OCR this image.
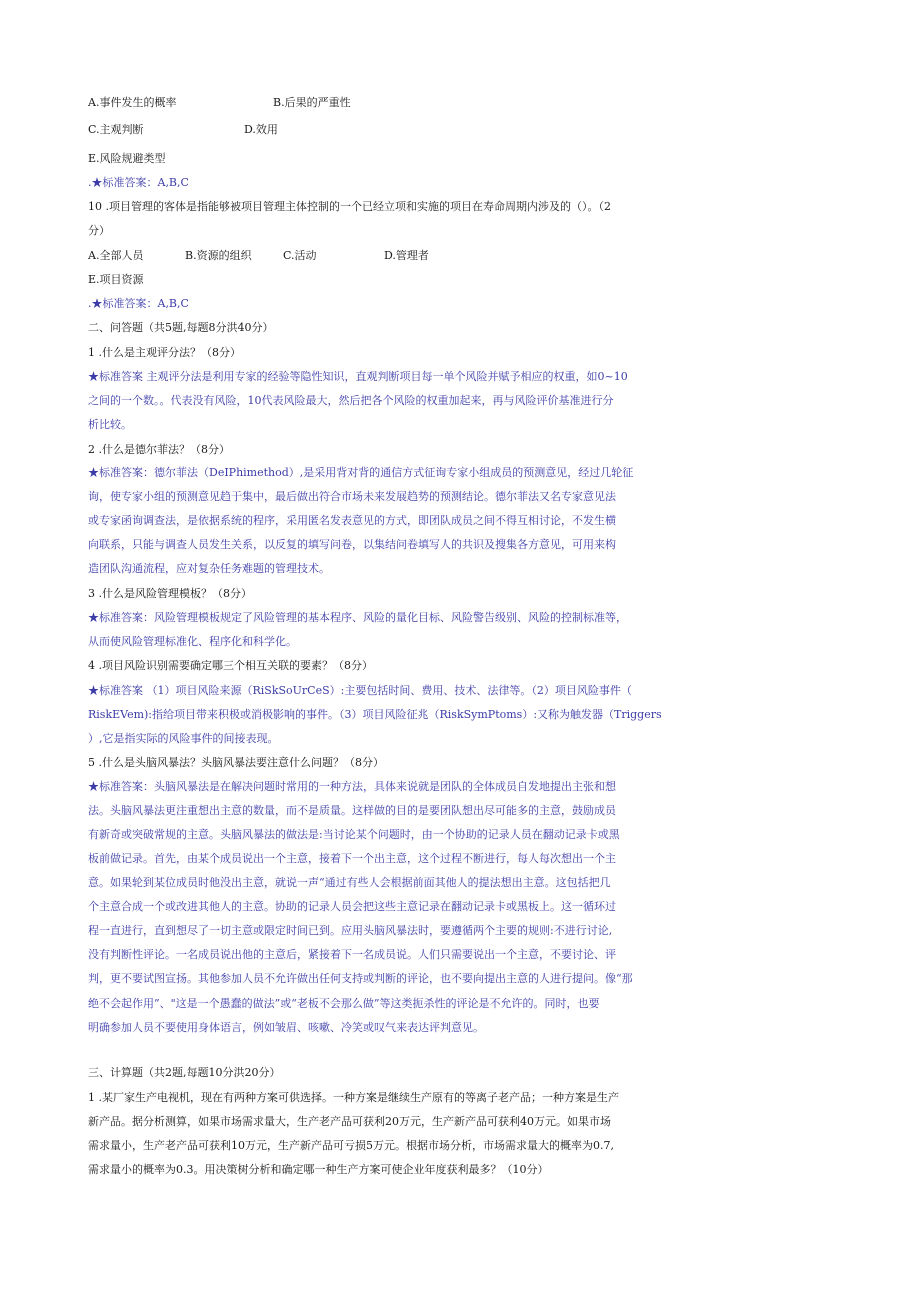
A.事件发生的概率	B.后果的严重性
C.主观判断	D.效用
E.风险规避类型
.★标准答案：A,B,C
10 .项目管理的客体是指能够被项目管理主体控制的一个已经立项和实施的项目在寿命周期内涉及的（）。（2
分）
A.全部人员	B.资源的组织	C.活动	D.管理者
E.项目资源
.★标准答案：A,B,C
二、问答题（共5题,每题8分洪40分）
1 .什么是主观评分法？（8分）
★标准答案 主观评分法是利用专家的经验等隐性知识，直观判断项目每一单个风险并赋予相应的权重，如0~10
之间的一个数。。代表没有风险，10代表风险最大，然后把各个风险的权重加起来，再与风险评价基准进行分
析比较。
2 .什么是德尔菲法？（8分）
★标准答案：德尔菲法（DeIPhimethod）,是采用背对背的通信方式征询专家小组成员的预测意见，经过几轮征
询，使专家小组的预测意见趋于集中，最后做出符合市场未来发展趋势的预测结论。德尔菲法又名专家意见法
或专家函询调查法，是依据系统的程序，采用匿名发表意见的方式，即团队成员之间不得互相讨论，不发生横
向联系，只能与调查人员发生关系，以反复的填写问卷，以集结问卷填写人的共识及搜集各方意见，可用来构
造团队沟通流程，应对复杂任务难题的管理技术。
3 .什么是风险管理模板？（8分）
★标准答案：风险管理模板规定了风险管理的基本程序、风险的量化目标、风险警告级别、风险的控制标准等，
从而使风险管理标准化、程序化和科学化。
4 .项目风险识别需要确定哪三个相互关联的要素？（8分）
★标准答案 （1）项目风险来源（RiSkSoUrCeS）:主要包括时间、费用、技术、法律等。（2）项目风险事件（
RiskEVem):指给项目带来积极或消极影响的事件。（3）项目风险征兆（RiskSymPtoms）:又称为触发器（Triggers
）,它是指实际的风险事件的间接表现。
5 .什么是头脑风暴法？头脑风暴法要注意什么问题？（8分）
★标准答案：头脑风暴法是在解决问题时常用的一种方法，具体来说就是团队的全体成员自发地提出主张和想
法。头脑风暴法更注重想出主意的数量，而不是质量。这样做的目的是要团队想出尽可能多的主意，鼓励成员
有新奇或突破常规的主意。头脑风暴法的做法是:当讨论某个问题时，由一个协助的记录人员在翻动记录卡或黑
板前做记录。首先，由某个成员说出一个主意，接着下一个出主意，这个过程不断进行，每人每次想出一个主
意。如果轮到某位成员时他没出主意，就说一声“通过有些人会根据前面其他人的提法想出主意。这包括把几
个主意合成一个或改进其他人的主意。协助的记录人员会把这些主意记录在翻动记录卡或黑板上。这一循环过
程一直进行，直到想尽了一切主意或限定时间已到。应用头脑风暴法时，要遵循两个主要的规则:不进行讨论,
没有判断性评论。一名成员说出他的主意后，紧接着下一名成员说。人们只需要说出一个主意，不要讨论、评
判，更不要试图宣扬。其他参加人员不允许做出任何支持或判断的评论，也不要向提出主意的人进行提问。像“那
绝不会起作用”、"这是一个愚蠢的做法”或“老板不会那么做”等这类扼杀性的评论是不允许的。同时，也要
明确参加人员不要使用身体语言，例如皱眉、咳嗽、冷笑或叹气来表达评判意见。
三、计算题（共2题,每题10分洪20分）
1 .某厂家生产电视机，现在有两种方案可供选择。一种方案是继续生产原有的等离子老产品；一种方案是生产
新产品。据分析测算，如果市场需求量大，生产老产品可获利20万元，生产新产品可获利40万元。如果市场
需求量小，生产老产品可获利10万元，生产新产品可亏损5万元。根据市场分析，市场需求量大的概率为0.7,
需求量小的概率为0.3。用决策树分析和确定哪一种生产方案可使企业年度获利最多？（10分）
